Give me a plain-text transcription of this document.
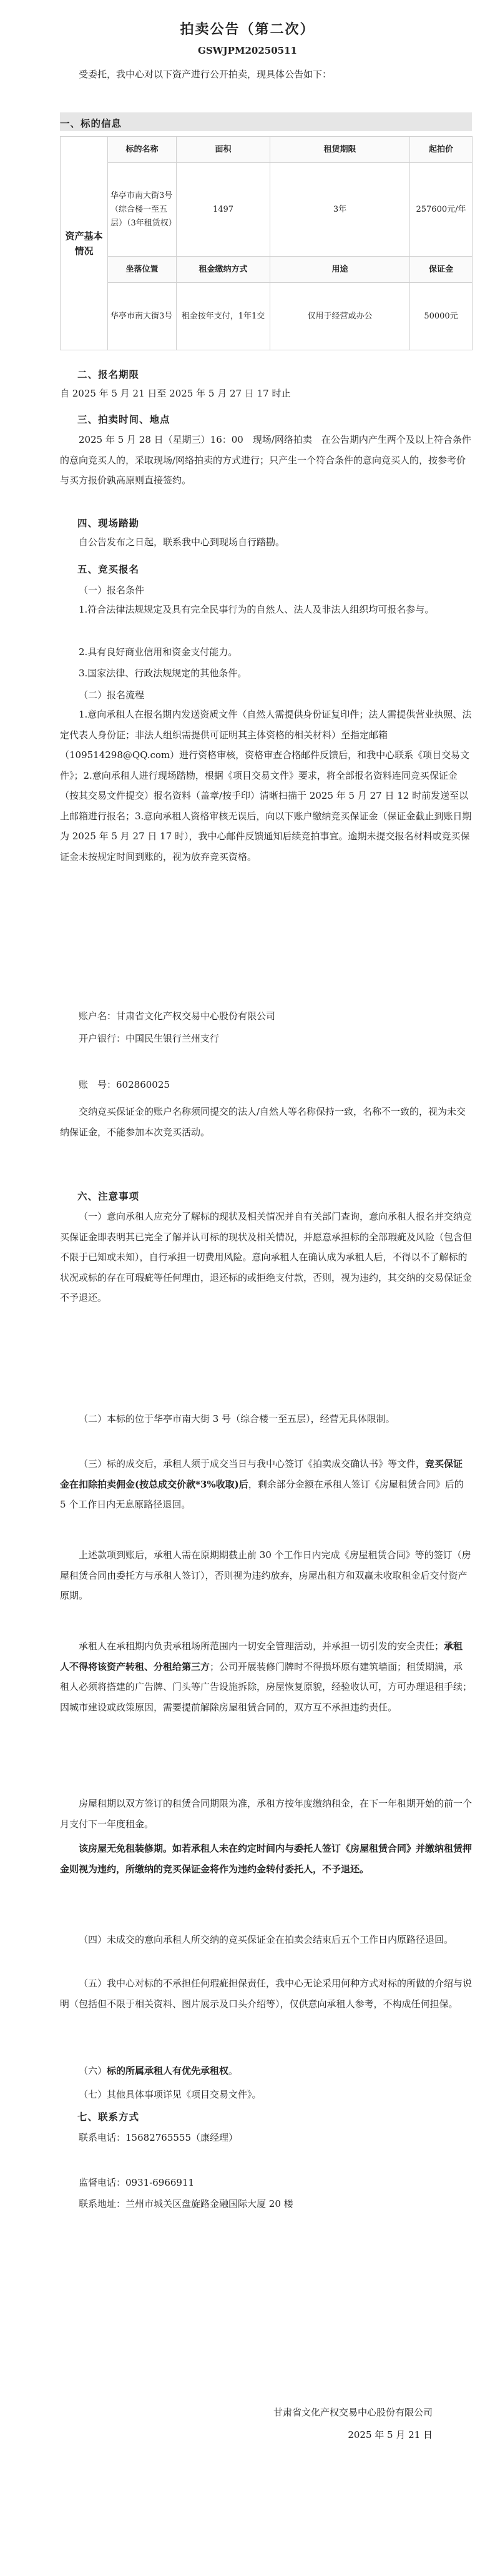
拍卖公告（第二次）
GSWJPM20250511

受委托，我中心对以下资产进行公开拍卖，现具体公告如下：

一、标的信息
资产基本情况	标的名称	面积	租赁期限	起拍价
	华亭市南大街3号（综合楼一至五层）（3年租赁权）	1497	3年	257600元/年
	坐落位置	租金缴纳方式	用途	保证金
	华亭市南大街3号	租金按年支付，1年1交	仅用于经营或办公	50000元
二、报名期限

自 2025 年 5 月 21 日至 2025 年 5 月 27 日 17 时止

三、拍卖时间、地点

2025 年 5 月 28 日（星期三）16：00　现场/网络拍卖　在公告期内产生两个及以上符合条件的意向竞买人的，采取现场/网络拍卖的方式进行；只产生一个符合条件的意向竞买人的，按参考价与买方报价孰高原则直接签约。

四、现场踏勘

自公告发布之日起，联系我中心到现场自行踏勘。

五、竞买报名
（一）报名条件

1.符合法律法规规定及具有完全民事行为的自然人、法人及非法人组织均可报名参与。

2.具有良好商业信用和资金支付能力。

3.国家法律、行政法规规定的其他条件。

（二）报名流程

1.意向承租人在报名期内发送资质文件（自然人需提供身份证复印件；法人需提供营业执照、法定代表人身份证；非法人组织需提供可证明其主体资格的相关材料）至指定邮箱（109514298@QQ.com）进行资格审核，资格审查合格邮件反馈后，和我中心联系《项目交易文件》；2.意向承租人进行现场踏勘，根据《项目交易文件》要求，将全部报名资料连同竞买保证金（按其交易文件提交）报名资料（盖章/按手印）清晰扫描于 2025 年 5 月 27 日 12 时前发送至以上邮箱进行报名；3.意向承租人资格审核无误后，向以下账户缴纳竞买保证金（保证金截止到账日期为 2025 年 5 月 27 日 17 时），我中心邮件反馈通知后续竞拍事宜。逾期未提交报名材料或竞买保证金未按规定时间到账的，视为放弃竞买资格。

账户名：甘肃省文化产权交易中心股份有限公司
开户银行：中国民生银行兰州支行
账　号：602860025

交纳竞买保证金的账户名称须同提交的法人/自然人等名称保持一致，名称不一致的，视为未交纳保证金，不能参加本次竞买活动。

六、注意事项

（一）意向承租人应充分了解标的现状及相关情况并自有关部门查询，意向承租人报名并交纳竞买保证金即表明其已完全了解并认可标的现状及相关情况，并愿意承担标的全部瑕疵及风险（包含但不限于已知或未知），自行承担一切费用风险。意向承租人在确认成为承租人后，不得以不了解标的状况或标的存在可瑕疵等任何理由，退还标的或拒绝支付款，否则，视为违约，其交纳的交易保证金不予退还。

（二）本标的位于华亭市南大街 3 号（综合楼一至五层），经营无具体限制。

（三）标的成交后，承租人须于成交当日与我中心签订《拍卖成交确认书》等文件，竞买保证金在扣除拍卖佣金(按总成交价款*3%收取)后，剩余部分金额在承租人签订《房屋租赁合同》后的 5 个工作日内无息原路径退回。

上述款项到账后，承租人需在原期期截止前 30 个工作日内完成《房屋租赁合同》等的签订（房屋租赁合同由委托方与承租人签订），否则视为违约放弃，房屋出租方和双赢未收取租金后交付资产原期。

承租人在承租期内负责承租场所范围内一切安全管理活动，并承担一切引发的安全责任；承租人不得将该资产转租、分租给第三方；公司开展装修门牌时不得损坏原有建筑墙面；租赁期满，承租人必须将搭建的广告牌、门头等广告设施拆除，房屋恢复原貌，经验收认可，方可办理退租手续；因城市建设或政策原因，需要提前解除房屋租赁合同的，双方互不承担违约责任。

房屋租期以双方签订的租赁合同期限为准，承租方按年度缴纳租金，在下一年租期开始的前一个月支付下一年度租金。

该房屋无免租装修期。如若承租人未在约定时间内与委托人签订《房屋租赁合同》并缴纳租赁押金则视为违约，所缴纳的竞买保证金将作为违约金转付委托人，不予退还。

（四）未成交的意向承租人所交纳的竞买保证金在拍卖会结束后五个工作日内原路径退回。

（五）我中心对标的不承担任何瑕疵担保责任，我中心无论采用何种方式对标的所做的介绍与说明（包括但不限于相关资料、图片展示及口头介绍等），仅供意向承租人参考，不构成任何担保。

（六）标的所属承租人有优先承租权。

（七）其他具体事项详见《项目交易文件》。

七、联系方式
联系电话：15682765555（康经理）
监督电话：0931-6966911
联系地址：兰州市城关区盘旋路金融国际大厦 20 楼
甘肃省文化产权交易中心股份有限公司
2025 年 5 月 21 日
